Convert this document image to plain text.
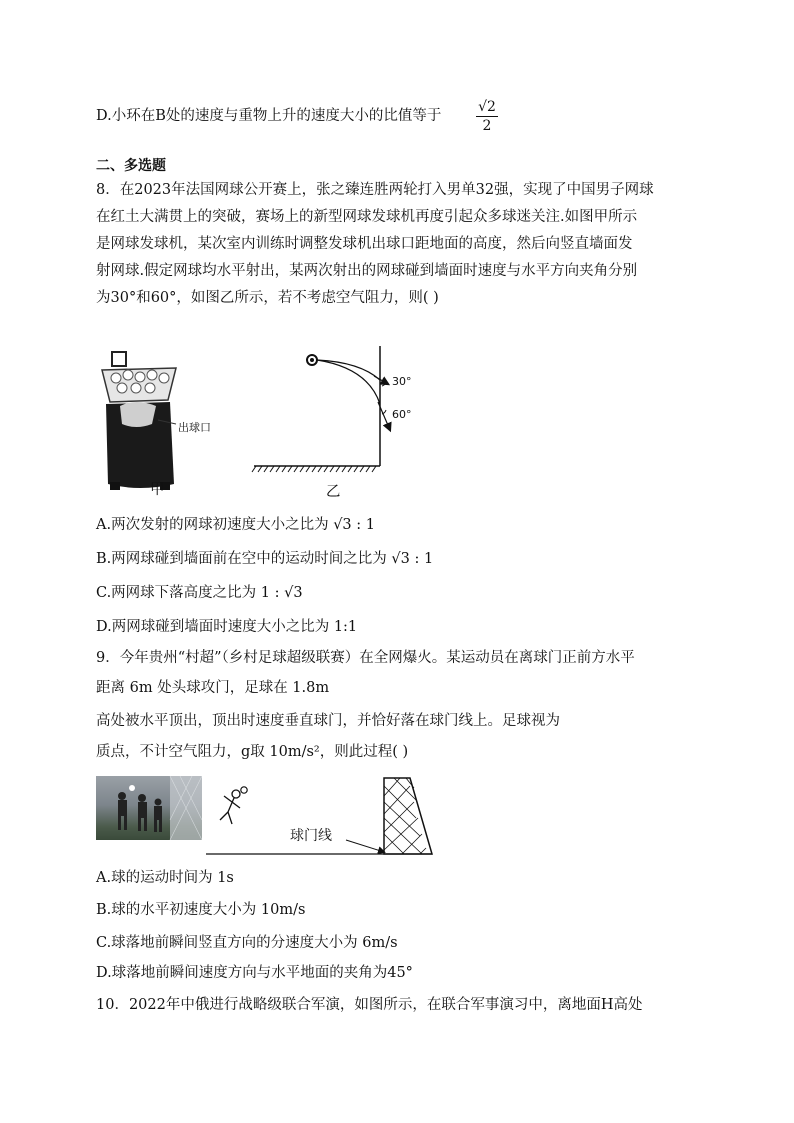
D.小环在B处的速度与重物上升的速度大小的比值等于 $\frac{√2}{2}$
二、多选题
8．在2023年法国网球公开赛上，张之臻连胜两轮打入男单32强，实现了中国男子网球
在红土大满贯上的突破，赛场上的新型网球发球机再度引起众多球迷关注.如图甲所示
是网球发球机，某次室内训练时调整发球机出球口距地面的高度，然后向竖直墙面发
射网球.假定网球均水平射出，某两次射出的网球碰到墙面时速度与水平方向夹角分别
为30°和60°，如图乙所示，若不考虑空气阻力，则( )
出球口
甲
30°
60°
乙
A.两次发射的网球初速度大小之比为 √3 : 1
B.两网球碰到墙面前在空中的运动时间之比为 √3 : 1
C.两网球下落高度之比为 1 : √3
D.两网球碰到墙面时速度大小之比为 1:1
9．今年贵州“村超”（乡村足球超级联赛）在全网爆火。某运动员在离球门正前方水平
距离 6m 处头球攻门，足球在 1.8m
高处被水平顶出，顶出时速度垂直球门，并恰好落在球门线上。足球视为
质点，不计空气阻力，g取 10m/s²，则此过程( )
球门线
A.球的运动时间为 1s
B.球的水平初速度大小为 10m/s
C.球落地前瞬间竖直方向的分速度大小为 6m/s
D.球落地前瞬间速度方向与水平地面的夹角为45°
10．2022年中俄进行战略级联合军演，如图所示，在联合军事演习中，离地面H高处
